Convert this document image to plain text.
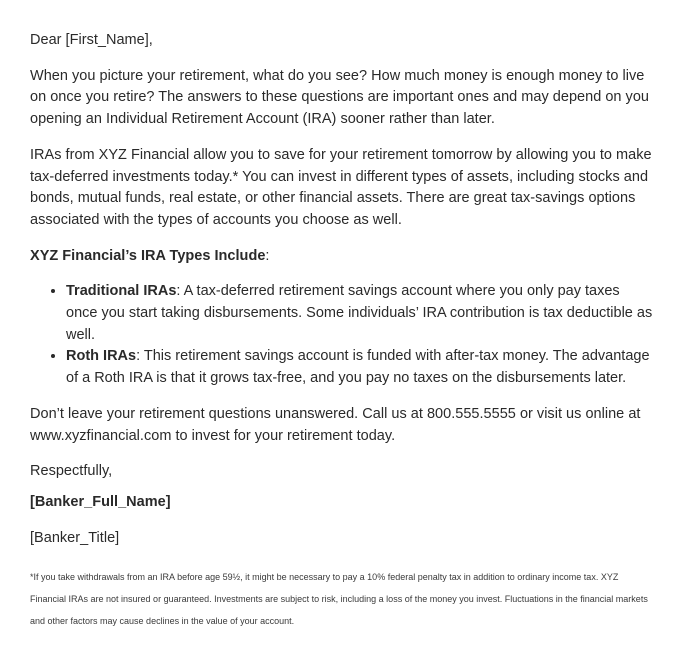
Dear [First_Name],

When you picture your retirement, what do you see? How much money is enough money to live on once you retire? The answers to these questions are important ones and may depend on you opening an Individual Retirement Account (IRA) sooner rather than later.

IRAs from XYZ Financial allow you to save for your retirement tomorrow by allowing you to make tax-deferred investments today.* You can invest in different types of assets, including stocks and bonds, mutual funds, real estate, or other financial assets. There are great tax-savings options associated with the types of accounts you choose as well.

XYZ Financial’s IRA Types Include:

• Traditional IRAs: A tax-deferred retirement savings account where you only pay taxes once you start taking disbursements. Some individuals’ IRA contribution is tax deductible as well.
• Roth IRAs: This retirement savings account is funded with after-tax money. The advantage of a Roth IRA is that it grows tax-free, and you pay no taxes on the disbursements later.

Don’t leave your retirement questions unanswered. Call us at 800.555.5555 or visit us online at www.xyzfinancial.com to invest for your retirement today.

Respectfully,

[Banker_Full_Name]

[Banker_Title]

*If you take withdrawals from an IRA before age 59½, it might be necessary to pay a 10% federal penalty tax in addition to ordinary income tax. XYZ Financial IRAs are not insured or guaranteed. Investments are subject to risk, including a loss of the money you invest. Fluctuations in the financial markets and other factors may cause declines in the value of your account.
